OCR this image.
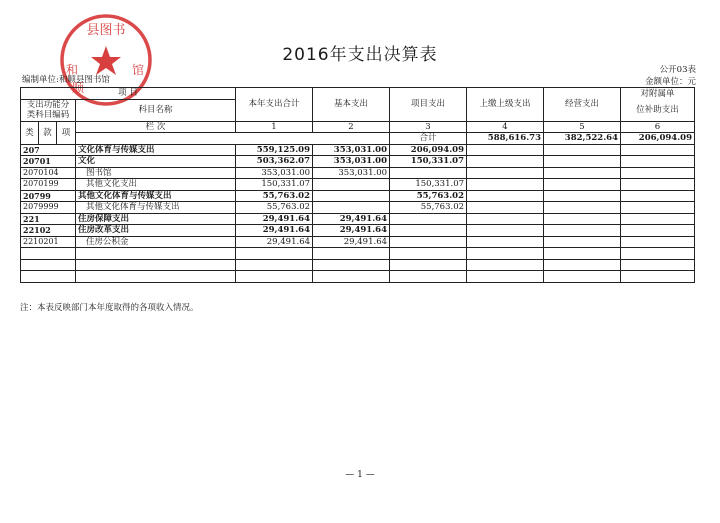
2016年支出决算表
县图书
和
顺
馆
编制单位:和顺县图书馆
公开03表
金额单位：元
项 目				本年支出合计	基本支出	项目支出	上缴上级支出	经营支出	对附属单	
支出功能分			科目名称						位补助支出	
类科目编码										
类	款	项	栏 次	1	2	3	4	5	6	
						合计	588,616.73	382,522.64	206,094.09			
207			文化体育与传媒支出	559,125.09	353,031.00	206,094.09				
20701			文化	503,362.07	353,031.00	150,331.07				
2070104			图书馆	353,031.00	353,031.00					
2070199			其他文化支出	150,331.07		150,331.07				
20799			其他文化体育与传媒支出	55,763.02		55,763.02				
2079999			其他文化体育与传媒支出	55,763.02		55,763.02				
221			住房保障支出	29,491.64	29,491.64					
22102			住房改革支出	29,491.64	29,491.64					
2210201			住房公积金	29,491.64	29,491.64					

注：本表反映部门本年度取得的各项收入情况。
— 1 —
